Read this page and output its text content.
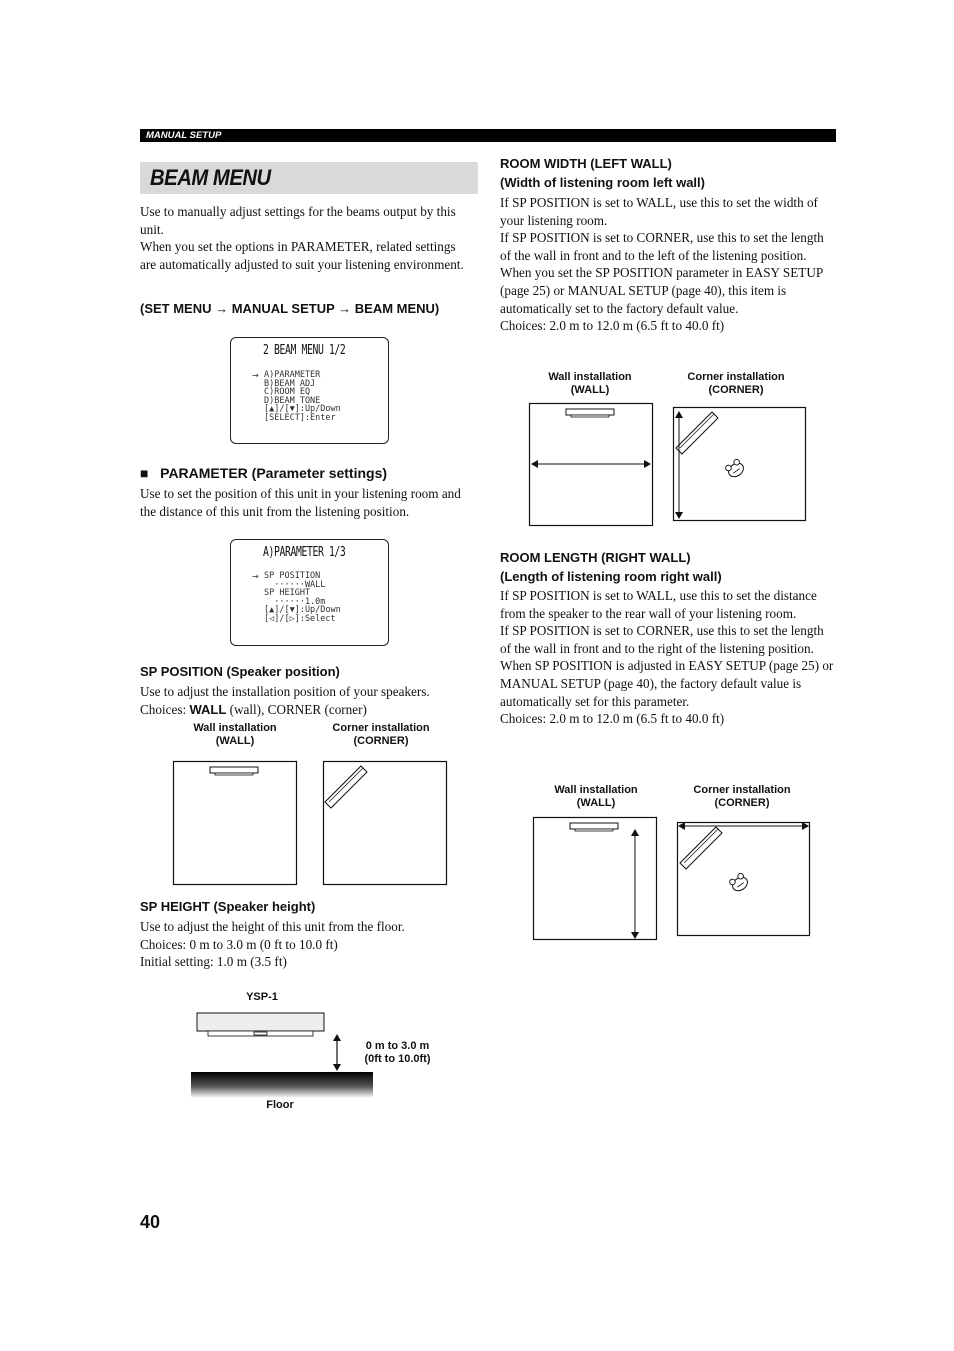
MANUAL SETUP
BEAM MENU
Use to manually adjust settings for the beams output by this unit.
When you set the options in PARAMETER, related settings are automatically adjusted to suit your listening environment.
(SET MENU → MANUAL SETUP → BEAM MENU)
2 BEAM MENU 1/2
→ A)PARAMETER
B)BEAM ADJ
C)ROOM EQ
D)BEAM TONE
[▲]/[▼]:Up/Down
[SELECT]:Enter
■ PARAMETER (Parameter settings)
Use to set the position of this unit in your listening room and the distance of this unit from the listening position.
A)PARAMETER 1/3
→ SP POSITION
······WALL
SP HEIGHT
······1.0m
[▲]/[▼]:Up/Down
[◁]/[▷]:Select
SP POSITION (Speaker position)
Use to adjust the installation position of your speakers.
Choices: WALL (wall), CORNER (corner)
Wall installation
(WALL)
Corner installation
(CORNER)
SP HEIGHT (Speaker height)
Use to adjust the height of this unit from the floor.
Choices: 0 m to 3.0 m (0 ft to 10.0 ft)
Initial setting: 1.0 m (3.5 ft)
YSP-1
0 m to 3.0 m
(0ft to 10.0ft)
Floor
ROOM WIDTH (LEFT WALL)
(Width of listening room left wall)
If SP POSITION is set to WALL, use this to set the width of your listening room.
If SP POSITION is set to CORNER, use this to set the length of the wall in front and to the left of the listening position.
When you set the SP POSITION parameter in EASY SETUP (page 25) or MANUAL SETUP (page 40), this item is automatically set to the factory default value.
Choices: 2.0 m to 12.0 m (6.5 ft to 40.0 ft)
Wall installation
(WALL)
Corner installation
(CORNER)
ROOM LENGTH (RIGHT WALL)
(Length of listening room right wall)
If SP POSITION is set to WALL, use this to set the distance from the speaker to the rear wall of your listening room.
If SP POSITION is set to CORNER, use this to set the length of the wall in front and to the right of the listening position.
When SP POSITION is adjusted in EASY SETUP (page 25) or MANUAL SETUP (page 40), the factory default value is automatically set for this parameter.
Choices: 2.0 m to 12.0 m (6.5 ft to 40.0 ft)
Wall installation
(WALL)
Corner installation
(CORNER)
40
